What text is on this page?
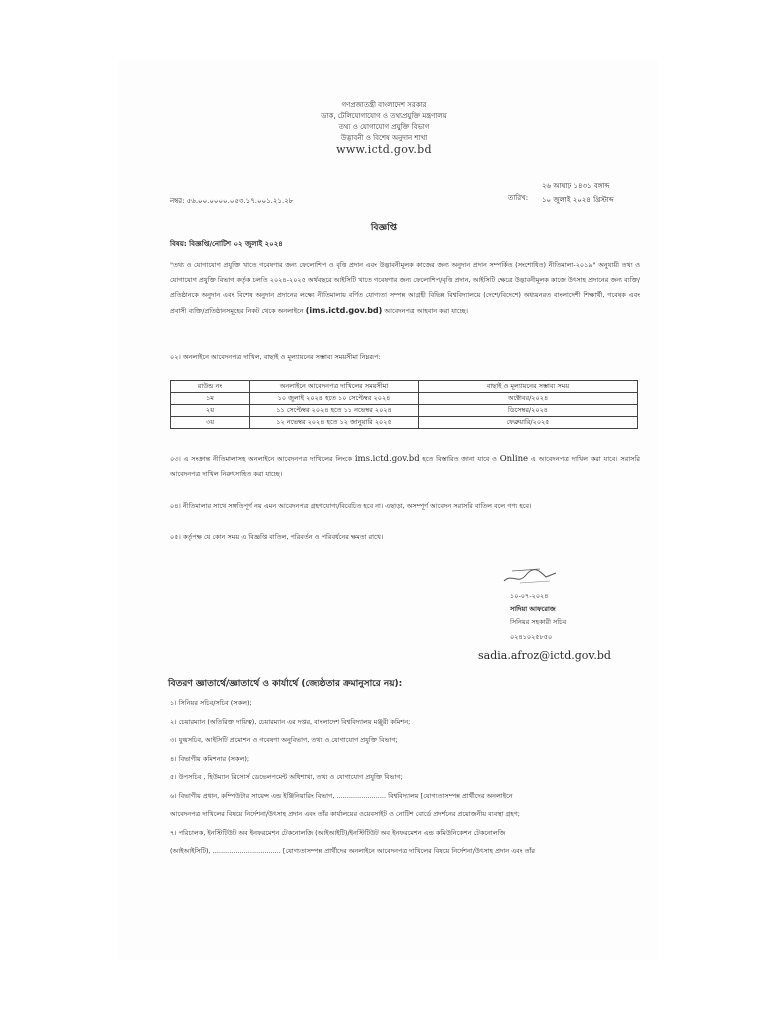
গণপ্রজাতন্ত্রী বাংলাদেশ সরকার
ডাক, টেলিযোগাযোগ ও তথ্যপ্রযুক্তি মন্ত্রণালয়
তথ্য ও যোগাযোগ প্রযুক্তি বিভাগ
উদ্ভাবনী ও বিশেষ অনুদান শাখা
www.ictd.gov.bd
নম্বর: ৫৬.০০.০০০০.০৫৩.১৭.০০১.২১.২৮	তারিখ:
২৬ আষাঢ় ১৪৩১ বঙ্গাব্দ
১০ জুলাই ২০২৪ খ্রিস্টাব্দ
বিজ্ঞপ্তি
বিষয়: বিজ্ঞপ্তি/নোটিশ ০২ জুলাই ২০২৪
"তথ্য ও যোগাযোগ প্রযুক্তি খাতে গবেষণার জন্য ফেলোশিপ ও বৃত্তি প্রদান এবং উদ্ভাবনীমূলক কাজের জন্য অনুদান প্রদান সম্পর্কিত (সংশোধিত) নীতিমালা-২০১৯" অনুযায়ী তথ্য ও যোগাযোগ প্রযুক্তি বিভাগ কর্তৃক চলতি ২০২৪-২০২৫ অর্থবছরে আইসিটি খাতে গবেষণার জন্য ফেলোশিপ/বৃত্তি প্রদান, আইসিটি ক্ষেত্রে উদ্ভাবনীমূলক কাজে উৎসাহ প্রদানের জন্য ব্যক্তি/প্রতিষ্ঠানকে অনুদান এবং বিশেষ অনুদান প্রদানের লক্ষ্যে নীতিমালায় বর্ণিত যোগ্যতা সম্পন্ন আগ্রহী বিভিন্ন বিশ্ববিদ্যালয়ে (দেশে/বিদেশে) অধ্যয়নরত বাংলাদেশী শিক্ষার্থী, গবেষক এবং প্রবাসী ব্যক্তি/প্রতিষ্ঠানসমূহের নিকট থেকে অনলাইনে (ims.ictd.gov.bd) আবেদনপত্র আহবান করা যাচ্ছে।
০২। অনলাইনে আবেদনপত্র দাখিল, বাছাই ও মূল্যায়নের সম্ভাব্য সময়সীমা নিম্নরূপ:
রাউন্ড নং	অনলাইনে আবেদনপত্র দাখিলের সময়সীমা	বাছাই ও মূল্যায়নের সম্ভাব্য সময়
১ম	১০ জুলাই ২০২৪ হতে ১০ সেপ্টেম্বর ২০২৪	অক্টোবর/২০২৪
২য়	১১ সেপ্টেম্বর ২০২৪ হতে ১১ নভেম্বর ২০২৪	ডিসেম্বর/২০২৪
৩য়	১২ নভেম্বর ২০২৪ হতে ১২ জানুয়ারি ২০২৫	ফেব্রুয়ারি/২০২৫
০৩। এ সংক্রান্ত নীতিমালাসহ অনলাইনে আবেদনপত্র দাখিলের লিংকে ims.ictd.gov.bd হতে বিস্তারিত জানা যাবে ও Online এ আবেদনপত্র দাখিল করা যাবে। সরাসরি আবেদনপত্র দাখিল নিরুৎসাহিত করা যাচ্ছে।
০৪। নীতিমালার সাথে সঙ্গতিপূর্ণ নয় এমন আবেদনপত্র গ্রহণযোগ্য/বিবেচিত হবে না। এছাড়া, অসম্পূর্ণ আবেদন সরাসরি বাতিল বলে গণ্য হবে।
০৫। কর্তৃপক্ষ যে কোন সময় এ বিজ্ঞপ্তি বাতিল, পরিবর্তন ও পরিবর্ধনের ক্ষমতা রাখে।
১০-০৭-২০২৪
সাদিয়া আফরোজ
সিনিয়র সহকারী সচিব
০২৪১০২৫৮৫০
sadia.afroz@ictd.gov.bd
বিতরণ জ্ঞাতার্থে/জ্ঞাতার্থে ও কার্যার্থে (জ্যেষ্ঠতার ক্রমানুসারে নয়):
১। সিনিয়র সচিব/সচিব (সকল);
২। চেয়ারম্যান (অতিরিক্ত দায়িত্ব), চেয়ারম্যান এর দপ্তর, বাংলাদেশ বিশ্ববিদ্যালয় মঞ্জুরী কমিশন;
৩। যুগ্মসচিব, আইসিটি প্রমোশন ও গবেষণা অনুবিভাগ, তথ্য ও যোগাযোগ প্রযুক্তি বিভাগ;
৪। বিভাগীয় কমিশনার (সকল);
৫। উপসচিব , হিউম্যান রিসোর্স ডেভেলপমেন্ট অধিশাখা, তথ্য ও যোগাযোগ প্রযুক্তি বিভাগ;
৬। বিভাগীয় প্রধান, কম্পিউটার সায়েন্স এন্ড ইঞ্জিনিয়ারিং বিভাগ, ........................ বিশ্ববিদ্যালয় [যোগ্যতাসম্পন্ন প্রার্থীদের অনলাইনে
আবেদনপত্র দাখিলের বিষয়ে নির্দেশনা/উৎসাহ প্রদান এবং তাঁর কার্যালয়ের ওয়েবসাইট ও নোটিশ বোর্ডে প্রদর্শনের প্রয়োজনীয় ব্যবস্থা গ্রহণ;
৭। পরিচালক, ইনস্টিটিউট অব ইনফরমেশন টেকনোলজি (আইআইটি)/ইনস্টিটিউট অব ইনফরমেশন এন্ড কমিউনিকেশন টেকনোলজি
(আইআইসিটি), ................................. [যোগ্যতাসম্পন্ন প্রার্থীদের অনলাইনে আবেদনপত্র দাখিলের বিষয়ে নির্দেশনা/উৎসাহ প্রদান এবং তাঁর
